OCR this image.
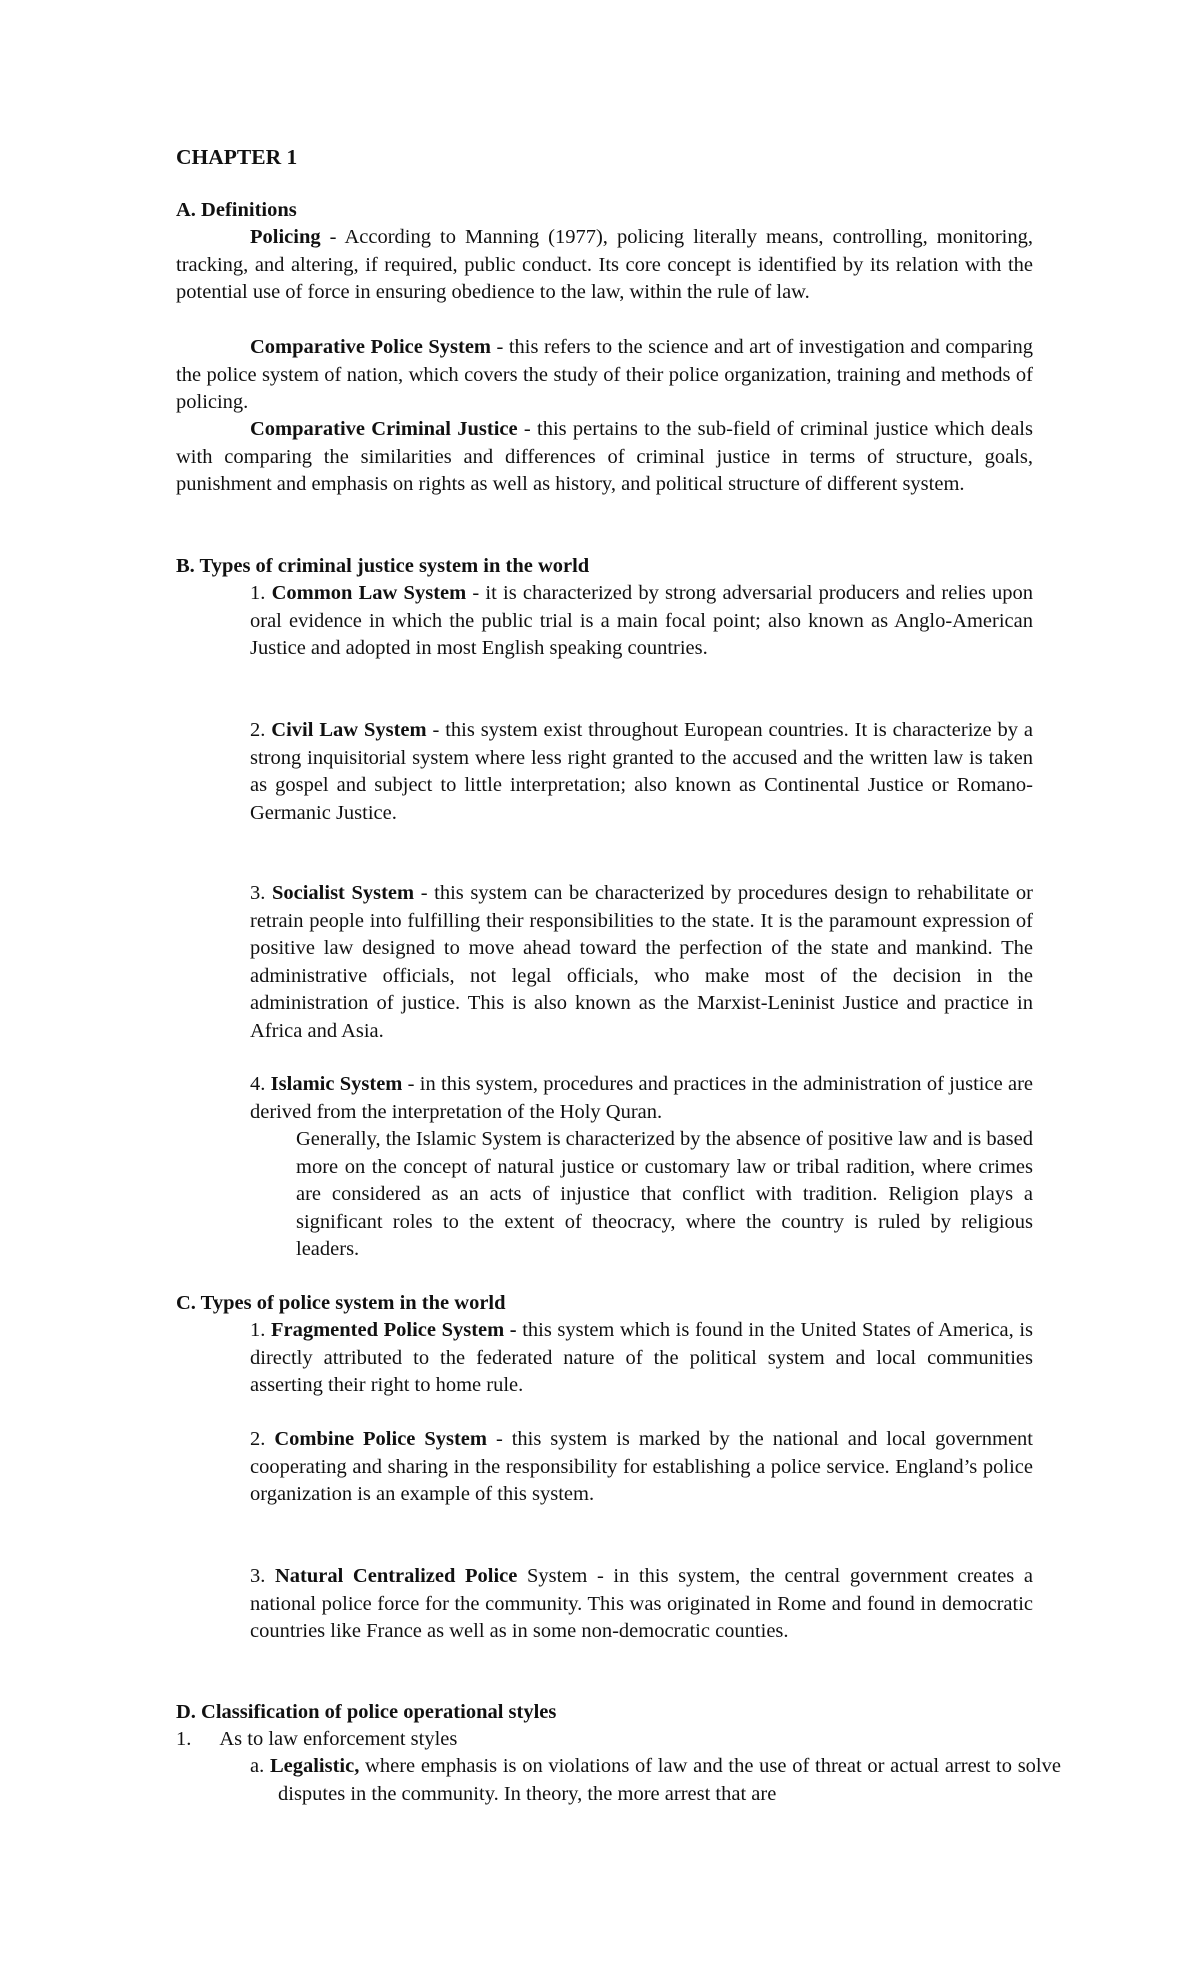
CHAPTER 1
A. Definitions

Policing - According to Manning (1977), policing literally means, controlling, monitoring, tracking, and altering, if required, public conduct. Its core concept is identified by its relation with the potential use of force in ensuring obedience to the law, within the rule of law.

Comparative Police System - this refers to the science and art of investigation and comparing the police system of nation, which covers the study of their police organization, training and methods of policing.

Comparative Criminal Justice - this pertains to the sub-field of criminal justice which deals with comparing the similarities and differences of criminal justice in terms of structure, goals, punishment and emphasis on rights as well as history, and political structure of different system.

B. Types of criminal justice system in the world

1. Common Law System - it is characterized by strong adversarial producers and relies upon oral evidence in which the public trial is a main focal point; also known as Anglo-American Justice and adopted in most English speaking countries.

2. Civil Law System - this system exist throughout European countries. It is characterize by a strong inquisitorial system where less right granted to the accused and the written law is taken as gospel and subject to little interpretation; also known as Continental Justice or Romano-Germanic Justice.

3. Socialist System - this system can be characterized by procedures design to rehabilitate or retrain people into fulfilling their responsibilities to the state. It is the paramount expression of positive law designed to move ahead toward the perfection of the state and mankind. The administrative officials, not legal officials, who make most of the decision in the administration of justice. This is also known as the Marxist-Leninist Justice and practice in Africa and Asia.

4. Islamic System - in this system, procedures and practices in the administration of justice are derived from the interpretation of the Holy Quran.

Generally, the Islamic System is characterized by the absence of positive law and is based more on the concept of natural justice or customary law or tribal radition, where crimes are considered as an acts of injustice that conflict with tradition. Religion plays a significant roles to the extent of theocracy, where the country is ruled by religious leaders.

C. Types of police system in the world

1. Fragmented Police System - this system which is found in the United States of America, is directly attributed to the federated nature of the political system and local communities asserting their right to home rule.

2. Combine Police System - this system is marked by the national and local government cooperating and sharing in the responsibility for establishing a police service. England’s police organization is an example of this system.

3. Natural Centralized Police System - in this system, the central government creates a national police force for the community. This was originated in Rome and found in democratic countries like France as well as in some non-democratic counties.

D. Classification of police operational styles

1. As to law enforcement styles

a. Legalistic, where emphasis is on violations of law and the use of threat or actual arrest to solve disputes in the community. In theory, the more arrest that are
